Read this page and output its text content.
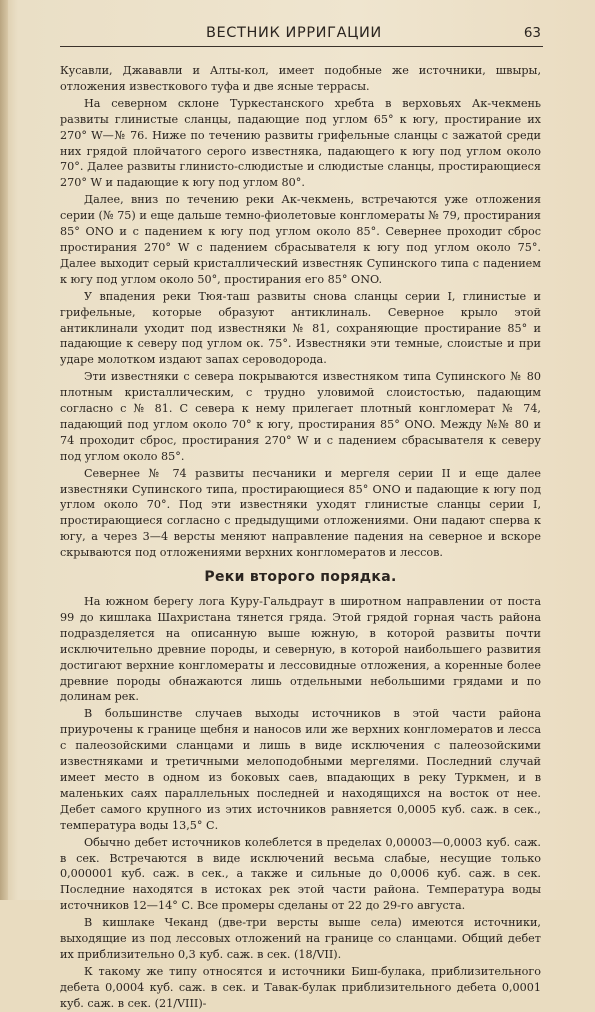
ВЕСТНИК ИРРИГАЦИИ	63

Кусавли, Джававли и Алты-кол, имеет подобные же источники, швыры, отложения известкового туфа и две ясные террасы.

На северном склоне Туркестанского хребта в верховьях Ак-чекмень развиты глинистые сланцы, падающие под углом 65° к югу, простирание их 270° W—№ 76. Ниже по течению развиты грифельные сланцы с зажатой среди них грядой плойчатого серого известняка, падающего к югу под углом около 70°. Далее развиты глинисто-слюдистые и слюдистые сланцы, простирающиеся 270° W и падающие к югу под углом 80°.

Далее, вниз по течению реки Ак-чекмень, встречаются уже отложения серии (№ 75) и еще дальше темно-фиолетовые конгломераты № 79, простирания 85° ONO и с падением к югу под углом около 85°. Севернее проходит сброс простирания 270° W с падением сбрасывателя к югу под углом около 75°. Далее выходит серый кристаллический известняк Супинского типа с падением к югу под углом около 50°, простирания его 85° ONO.

У впадения реки Тюя-таш развиты снова сланцы серии I, глинистые и грифельные, которые образуют антиклиналь. Северное крыло этой антиклинали уходит под известняки № 81, сохраняющие простирание 85° и падающие к северу под углом ок. 75°. Известняки эти темные, слоистые и при ударе молотком издают запах сероводорода.

Эти известняки с севера покрываются известняком типа Супинского № 80 плотным кристаллическим, с трудно уловимой слоистостью, падающим согласно с № 81. С севера к нему прилегает плотный конгломерат № 74, падающий под углом около 70° к югу, простирания 85° ONO. Между №№ 80 и 74 проходит сброс, простирания 270° W и с падением сбрасывателя к северу под углом около 85°.

Севернее № 74 развиты песчаники и мергеля серии II и еще далее известняки Супинского типа, простирающиеся 85° ONO и падающие к югу под углом около 70°. Под эти известняки уходят глинистые сланцы серии I, простирающиеся согласно с предыдущими отложениями. Они падают сперва к югу, а через 3—4 версты меняют направление падения на северное и вскоре скрываются под отложениями верхних конгломератов и лессов.

Реки второго порядка.

На южном берегу лога Куру-Гальдраут в широтном направлении от поста 99 до кишлака Шахристана тянется гряда. Этой грядой горная часть района подразделяется на описанную выше южную, в которой развиты почти исключительно древние породы, и северную, в которой наибольшего развития достигают верхние конгломераты и лессовидные отложения, а коренные более древние породы обнажаются лишь отдельными небольшими грядами и по долинам рек.

В большинстве случаев выходы источников в этой части района приурочены к границе щебня и наносов или же верхних конгломератов и лесса с палеозойскими сланцами и лишь в виде исключения с палеозойскими известняками и третичными мелоподобными мергелями. Последний случай имеет место в одном из боковых саев, впадающих в реку Туркмен, и в маленьких саях параллельных последней и находящихся на восток от нее. Дебет самого крупного из этих источников равняется 0,0005 куб. саж. в сек., температура воды 13,5° С.

Обычно дебет источников колеблется в пределах 0,00003—0,0003 куб. саж. в сек. Встречаются в виде исключений весьма слабые, несущие только 0,000001 куб. саж. в сек., а также и сильные до 0,0006 куб. саж. в сек. Последние находятся в истоках рек этой части района. Температура воды источников 12—14° С. Все промеры сделаны от 22 до 29-го августа.

В кишлаке Чеканд (две-три версты выше села) имеются источники, выходящие из под лессовых отложений на границе со сланцами. Общий дебет их приблизительно 0,3 куб. саж. в сек. (18/VII).

К такому же типу относятся и источники Биш-булака, приблизительного дебета 0,0004 куб. саж. в сек. и Тавак-булак приблизительного дебета 0,0001 куб. саж. в сек. (21/VIII)-
